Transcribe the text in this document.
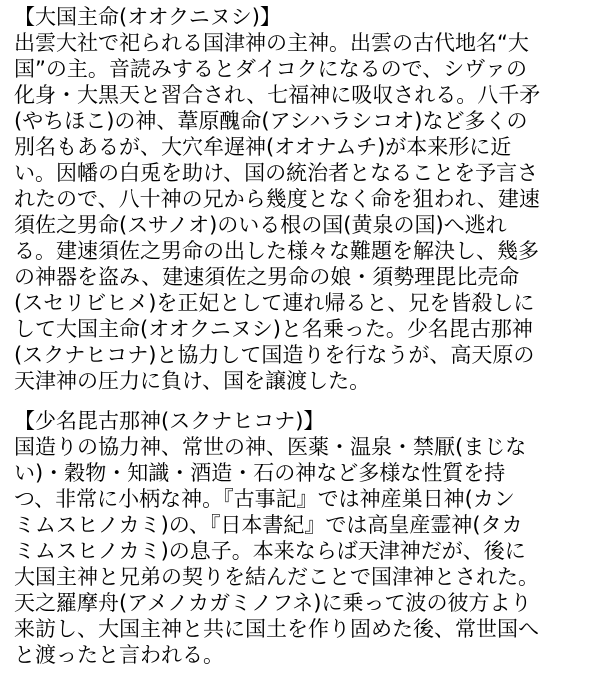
【大国主命(オオクニヌシ)】

出雲大社で祀られる国津神の主神。出雲の古代地名“大

国”の主。音読みするとダイコクになるので、シヴァの

化身・大黒天と習合され、七福神に吸収される。八千矛

(やちほこ)の神、葦原醜命(アシハラシコオ)など多くの

別名もあるが、大穴牟遅神(オオナムチ)が本来形に近

い。因幡の白兎を助け、国の統治者となることを予言さ

れたので、八十神の兄から幾度となく命を狙われ、建速

須佐之男命(スサノオ)のいる根の国(黄泉の国)へ逃れ

る。建速須佐之男命の出した様々な難題を解決し、幾多

の神器を盗み、建速須佐之男命の娘・須勢理毘比売命

(スセリビヒメ)を正妃として連れ帰ると、兄を皆殺しに

して大国主命(オオクニヌシ)と名乗った。少名毘古那神

(スクナヒコナ)と協力して国造りを行なうが、高天原の

天津神の圧力に負け、国を譲渡した。

【少名毘古那神(スクナヒコナ)】

国造りの協力神、常世の神、医薬・温泉・禁厭(まじな

い)・穀物・知識・酒造・石の神など多様な性質を持

つ、非常に小柄な神。『古事記』では神産巣日神(カン

ミムスヒノカミ)の、『日本書紀』では高皇産霊神(タカ

ミムスヒノカミ)の息子。本来ならば天津神だが、後に

大国主神と兄弟の契りを結んだことで国津神とされた。

天之羅摩舟(アメノカガミノフネ)に乗って波の彼方より

来訪し、大国主神と共に国土を作り固めた後、常世国へ

と渡ったと言われる。
